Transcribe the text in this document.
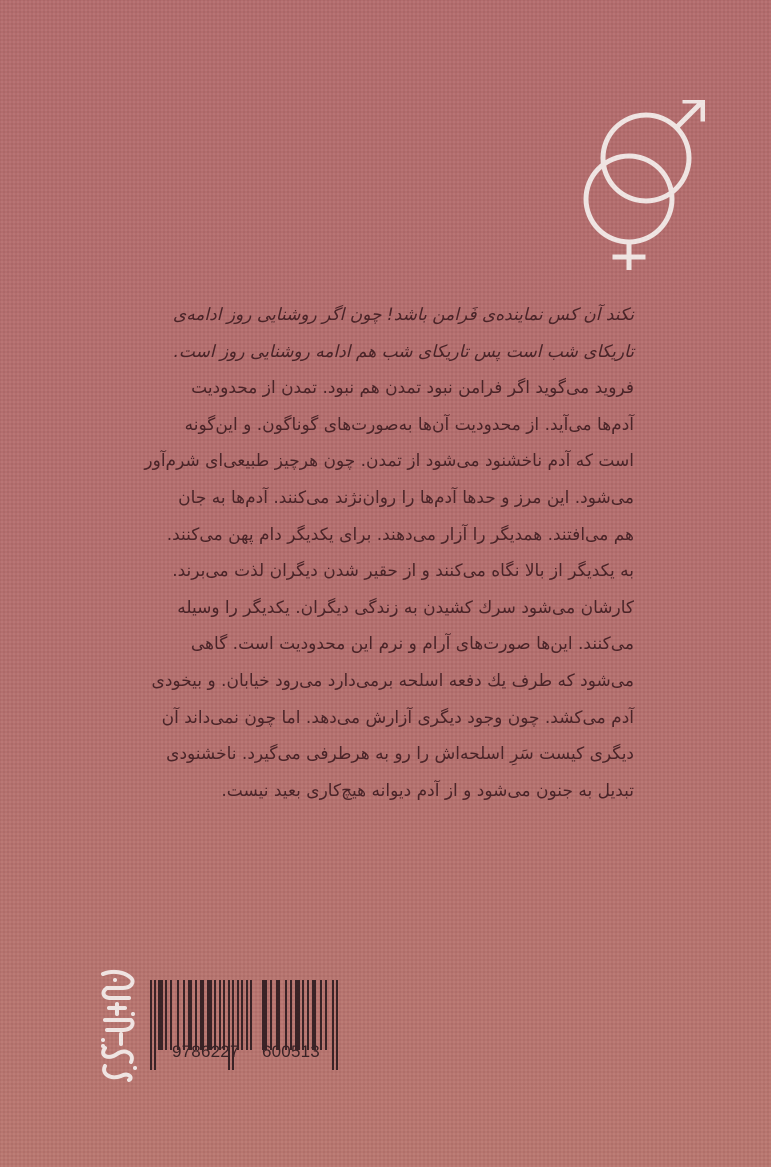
نکند آن کس نماینده‌ی فَرامن باشد! چون اگر روشنایی روز ادامه‌ی
تاریکای شب است پس تاریکای شب هم ادامه روشنایی روز است.
فروید می‌گوید اگر فرامن نبود تمدن هم نبود. تمدن از محدودیت
آدم‌ها می‌آید. از محدودیت آن‌ها به‌صورت‌های گوناگون. و این‌گونه
است که آدم ناخشنود می‌شود از تمدن. چون هرچیز طبیعی‌ای شرم‌آور
می‌شود. این مرز و حدها آدم‌ها را روان‌نژند می‌کنند. آدم‌ها به جان
هم می‌افتند. همدیگر را آزار می‌دهند. برای یکدیگر دام پهن می‌کنند.
به یکدیگر از بالا نگاه می‌کنند و از حقیر شدن دیگران لذت می‌برند.
کارشان می‌شود سرك کشیدن به زندگی دیگران. یکدیگر را وسیله
می‌کنند. این‌ها صورت‌های آرام و نرم این محدودیت است. گاهی
می‌شود که طرف یك دفعه اسلحه برمی‌دارد می‌رود خیابان. و بیخودی
آدم می‌کشد. چون وجود دیگری آزارش می‌دهد. اما چون نمی‌داند آن
دیگری کیست سَرِ اسلحه‌اش را رو به هرطرفی می‌گیرد. ناخشنودی
تبدیل به جنون می‌شود و از آدم دیوانه هیچ‌کاری بعید نیست.
9786227 600513
